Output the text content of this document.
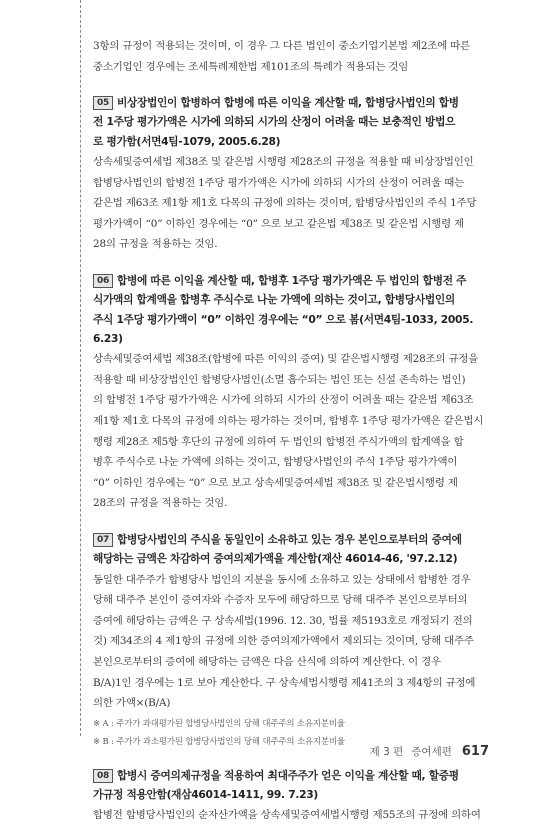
3항의 규정이 적용되는 것이며, 이 경우 그 다른 법인이 중소기업기본법 제2조에 따른

중소기업인 경우에는 조세특례제한법 제101조의 특례가 적용되는 것임

05 비상장법인이 합병하여 합병에 따른 이익을 계산할 때, 합병당사법인의 합병

전 1주당 평가가액은 시가에 의하되 시가의 산정이 어려울 때는 보충적인 방법으

로 평가함(서면4팀-1079, 2005.6.28)

상속세및증여세법 제38조 및 같은법 시행령 제28조의 규정을 적용할 때 비상장법인인

합병당사법인의 합병전 1주당 평가가액은 시가에 의하되 시가의 산정이 어려울 때는

같은법 제63조 제1항 제1호 다목의 규정에 의하는 것이며, 합병당사법인의 주식 1주당

평가가액이 “0” 이하인 경우에는 “0” 으로 보고 같은법 제38조 및 같은법 시행령 제

28의 규정을 적용하는 것임.

06 합병에 따른 이익을 계산할 때, 합병후 1주당 평가가액은 두 법인의 합병전 주

식가액의 합계액을 합병후 주식수로 나눈 가액에 의하는 것이고, 합병당사법인의

주식 1주당 평가가액이 “0” 이하인 경우에는 “0” 으로 봄(서면4팀-1033, 2005.

6.23)

상속세및증여세법 제38조(합병에 따른 이익의 증여) 및 같은법시행령 제28조의 규정을

적용할 때 비상장법인인 합병당사법인(소멸 흡수되는 법인 또는 신설 존속하는 법인)

의 합병전 1주당 평가가액은 시가에 의하되 시가의 산정이 어려울 때는 같은법 제63조

제1항 제1호 다목의 규정에 의하는 평가하는 것이며, 합병후 1주당 평가가액은 같은법시

행령 제28조 제5항 후단의 규정에 의하여 두 법인의 합병전 주식가액의 합계액을 합

병후 주식수로 나눈 가액에 의하는 것이고, 합병당사법인의 주식 1주당 평가가액이

“0” 이하인 경우에는 “0” 으로 보고 상속세및증여세법 제38조 및 같은법시행령 제

28조의 규정을 적용하는 것임.

07 합병당사법인의 주식을 동일인이 소유하고 있는 경우 본인으로부터의 증여에

해당하는 금액은 차감하여 증여의제가액을 계산함(재산 46014-46, '97.2.12)

동일한 대주주가 합병당사 법인의 지분을 동시에 소유하고 있는 상태에서 합병한 경우

당해 대주주 본인이 증여자와 수증자 모두에 해당하므로 당해 대주주 본인으로부터의

증여에 해당하는 금액은 구 상속세법(1996. 12. 30, 법률 제5193호로 개정되기 전의

것) 제34조의 4 제1항의 규정에 의한 증여의제가액에서 제외되는 것이며, 당해 대주주

본인으로부터의 증여에 해당하는 금액은 다음 산식에 의하여 계산한다. 이 경우

B/A)1인 경우에는 1로 보아 계산한다. 구 상속세법시행령 제41조의 3 제4항의 규정에

의한 가액×(B/A)

※ A : 주가가 과대평가된 합병당사법인의 당해 대주주의 소유지분비율

※ B : 주가가 과소평가된 합병당사법인의 당해 대주주의 소유지분비율

08 합병시 증여의제규정을 적용하여 최대주주가 얻은 이익을 계산할 때, 할증평

가규정 적용안함(재삼46014-1411, 99. 7.23)

합병전 합병당사법인의 순자산가액을 상속세및증여세법시행령 제55조의 규정에 의하여

제 3 편 증여세편 617
